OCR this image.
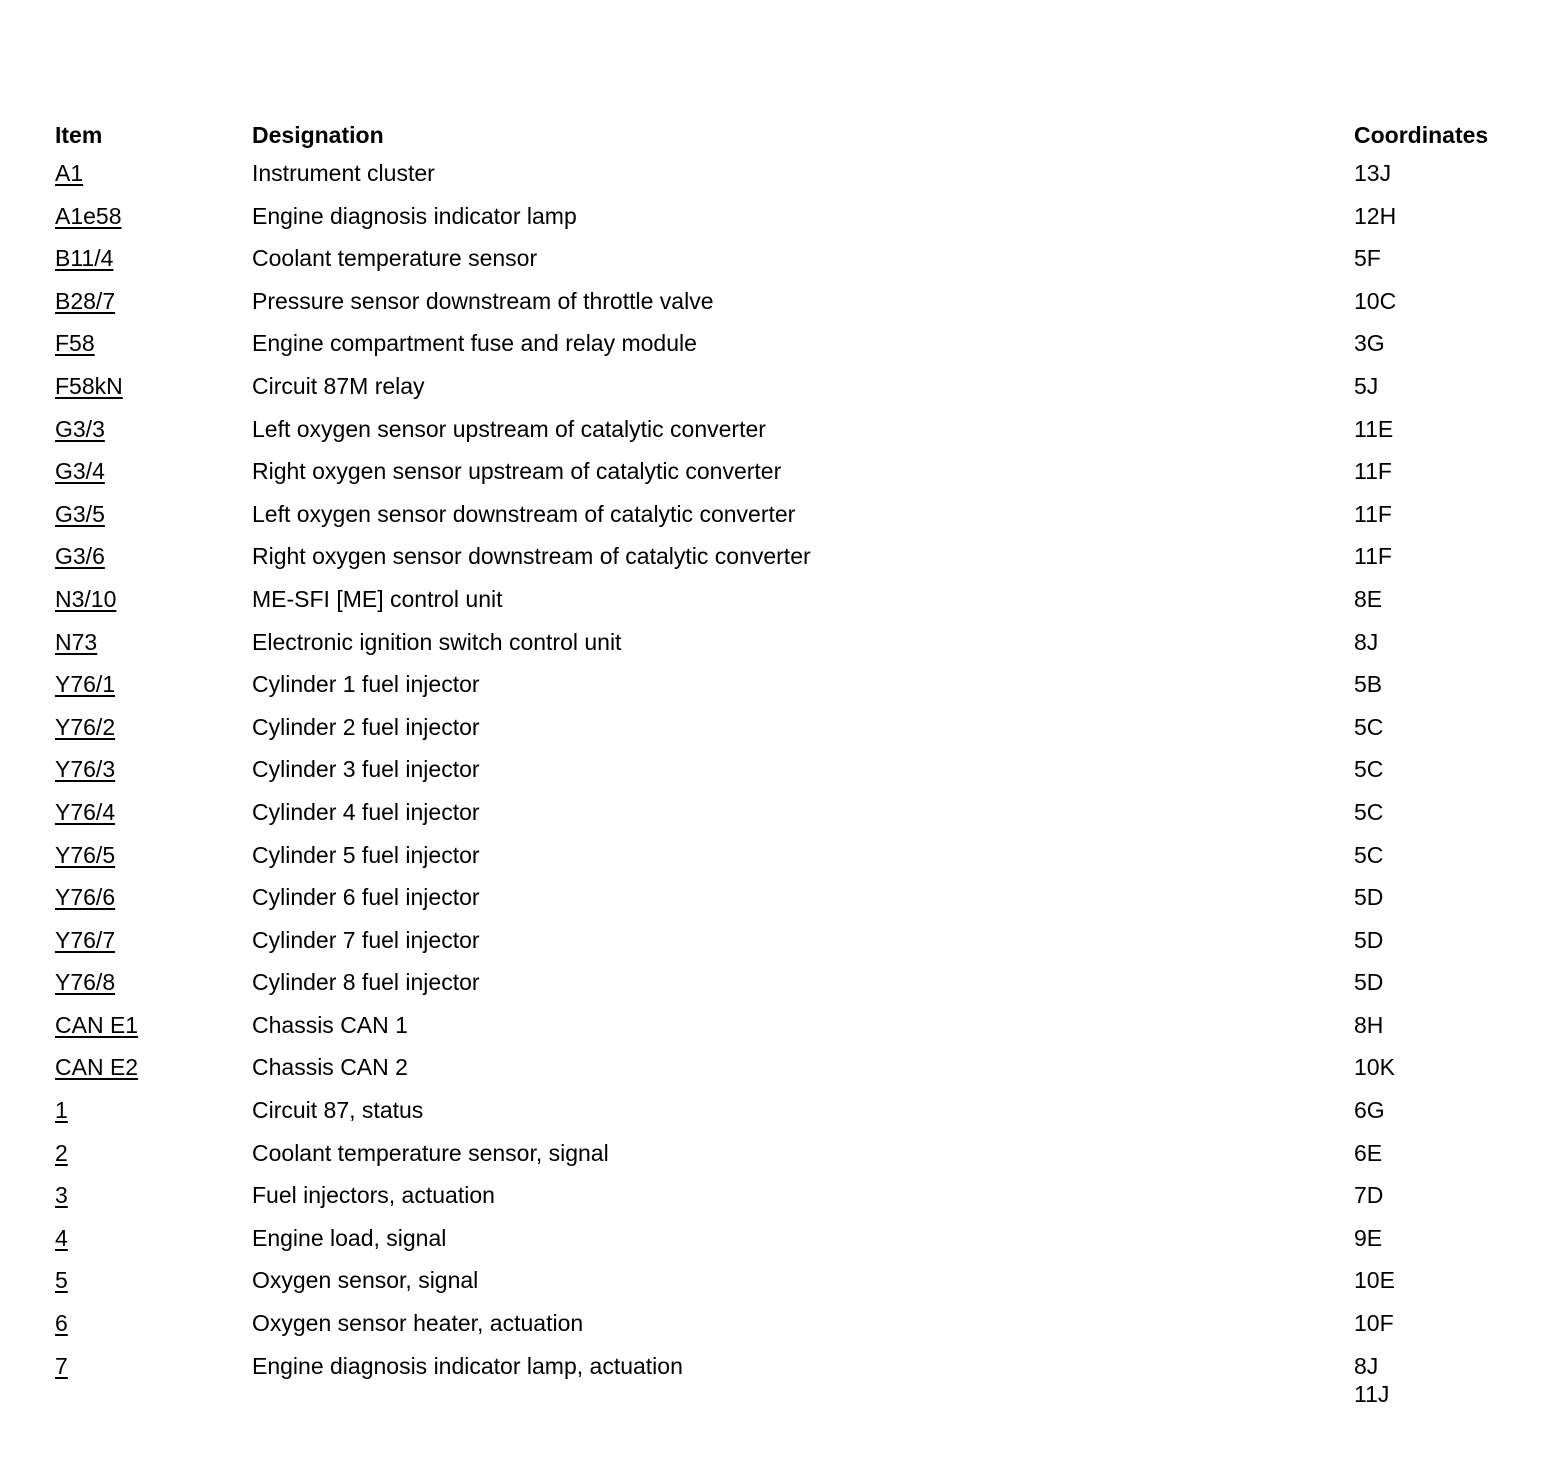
Item	Designation	Coordinates
A1	Instrument cluster	13J
A1e58	Engine diagnosis indicator lamp	12H
B11/4	Coolant temperature sensor	5F
B28/7	Pressure sensor downstream of throttle valve	10C
F58	Engine compartment fuse and relay module	3G
F58kN	Circuit 87M relay	5J
G3/3	Left oxygen sensor upstream of catalytic converter	11E
G3/4	Right oxygen sensor upstream of catalytic converter	11F
G3/5	Left oxygen sensor downstream of catalytic converter	11F
G3/6	Right oxygen sensor downstream of catalytic converter	11F
N3/10	ME-SFI [ME] control unit	8E
N73	Electronic ignition switch control unit	8J
Y76/1	Cylinder 1 fuel injector	5B
Y76/2	Cylinder 2 fuel injector	5C
Y76/3	Cylinder 3 fuel injector	5C
Y76/4	Cylinder 4 fuel injector	5C
Y76/5	Cylinder 5 fuel injector	5C
Y76/6	Cylinder 6 fuel injector	5D
Y76/7	Cylinder 7 fuel injector	5D
Y76/8	Cylinder 8 fuel injector	5D
CAN E1	Chassis CAN 1	8H
CAN E2	Chassis CAN 2	10K
1	Circuit 87, status	6G
2	Coolant temperature sensor, signal	6E
3	Fuel injectors, actuation	7D
4	Engine load, signal	9E
5	Oxygen sensor, signal	10E
6	Oxygen sensor heater, actuation	10F
7	Engine diagnosis indicator lamp, actuation	8J
11J
